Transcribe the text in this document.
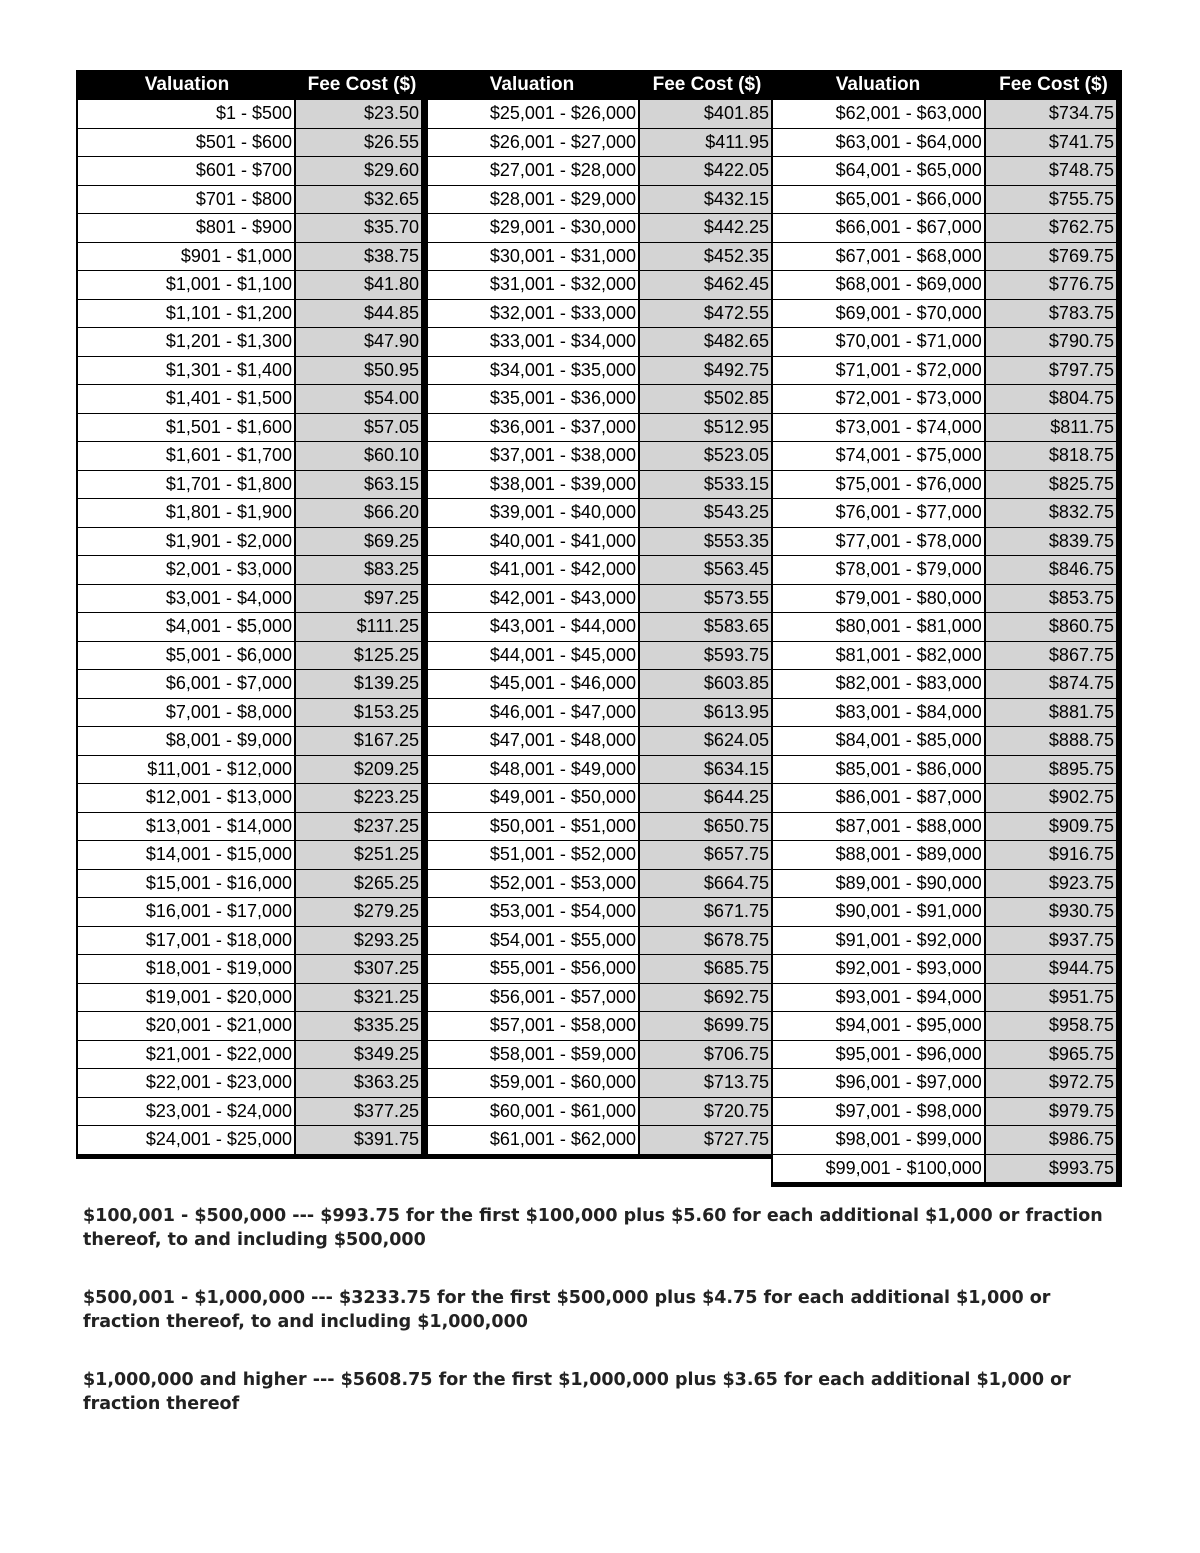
Valuation	Fee Cost ($)
$1 - $500	$23.50
$501 - $600	$26.55
$601 - $700	$29.60
$701 - $800	$32.65
$801 - $900	$35.70
$901 - $1,000	$38.75
$1,001 - $1,100	$41.80
$1,101 - $1,200	$44.85
$1,201 - $1,300	$47.90
$1,301 - $1,400	$50.95
$1,401 - $1,500	$54.00
$1,501 - $1,600	$57.05
$1,601 - $1,700	$60.10
$1,701 - $1,800	$63.15
$1,801 - $1,900	$66.20
$1,901 - $2,000	$69.25
$2,001 - $3,000	$83.25
$3,001 - $4,000	$97.25
$4,001 - $5,000	$111.25
$5,001 - $6,000	$125.25
$6,001 - $7,000	$139.25
$7,001 - $8,000	$153.25
$8,001 - $9,000	$167.25
$11,001 - $12,000	$209.25
$12,001 - $13,000	$223.25
$13,001 - $14,000	$237.25
$14,001 - $15,000	$251.25
$15,001 - $16,000	$265.25
$16,001 - $17,000	$279.25
$17,001 - $18,000	$293.25
$18,001 - $19,000	$307.25
$19,001 - $20,000	$321.25
$20,001 - $21,000	$335.25
$21,001 - $22,000	$349.25
$22,001 - $23,000	$363.25
$23,001 - $24,000	$377.25
$24,001 - $25,000	$391.75
Valuation	Fee Cost ($)
$25,001 - $26,000	$401.85
$26,001 - $27,000	$411.95
$27,001 - $28,000	$422.05
$28,001 - $29,000	$432.15
$29,001 - $30,000	$442.25
$30,001 - $31,000	$452.35
$31,001 - $32,000	$462.45
$32,001 - $33,000	$472.55
$33,001 - $34,000	$482.65
$34,001 - $35,000	$492.75
$35,001 - $36,000	$502.85
$36,001 - $37,000	$512.95
$37,001 - $38,000	$523.05
$38,001 - $39,000	$533.15
$39,001 - $40,000	$543.25
$40,001 - $41,000	$553.35
$41,001 - $42,000	$563.45
$42,001 - $43,000	$573.55
$43,001 - $44,000	$583.65
$44,001 - $45,000	$593.75
$45,001 - $46,000	$603.85
$46,001 - $47,000	$613.95
$47,001 - $48,000	$624.05
$48,001 - $49,000	$634.15
$49,001 - $50,000	$644.25
$50,001 - $51,000	$650.75
$51,001 - $52,000	$657.75
$52,001 - $53,000	$664.75
$53,001 - $54,000	$671.75
$54,001 - $55,000	$678.75
$55,001 - $56,000	$685.75
$56,001 - $57,000	$692.75
$57,001 - $58,000	$699.75
$58,001 - $59,000	$706.75
$59,001 - $60,000	$713.75
$60,001 - $61,000	$720.75
$61,001 - $62,000	$727.75
Valuation	Fee Cost ($)
$62,001 - $63,000	$734.75
$63,001 - $64,000	$741.75
$64,001 - $65,000	$748.75
$65,001 - $66,000	$755.75
$66,001 - $67,000	$762.75
$67,001 - $68,000	$769.75
$68,001 - $69,000	$776.75
$69,001 - $70,000	$783.75
$70,001 - $71,000	$790.75
$71,001 - $72,000	$797.75
$72,001 - $73,000	$804.75
$73,001 - $74,000	$811.75
$74,001 - $75,000	$818.75
$75,001 - $76,000	$825.75
$76,001 - $77,000	$832.75
$77,001 - $78,000	$839.75
$78,001 - $79,000	$846.75
$79,001 - $80,000	$853.75
$80,001 - $81,000	$860.75
$81,001 - $82,000	$867.75
$82,001 - $83,000	$874.75
$83,001 - $84,000	$881.75
$84,001 - $85,000	$888.75
$85,001 - $86,000	$895.75
$86,001 - $87,000	$902.75
$87,001 - $88,000	$909.75
$88,001 - $89,000	$916.75
$89,001 - $90,000	$923.75
$90,001 - $91,000	$930.75
$91,001 - $92,000	$937.75
$92,001 - $93,000	$944.75
$93,001 - $94,000	$951.75
$94,001 - $95,000	$958.75
$95,001 - $96,000	$965.75
$96,001 - $97,000	$972.75
$97,001 - $98,000	$979.75
$98,001 - $99,000	$986.75
$99,001 - $100,000	$993.75

$100,001 - $500,000 --- $993.75 for the first $100,000 plus $5.60 for each additional $1,000 or fraction thereof, to and including $500,000

$500,001 - $1,000,000 --- $3233.75 for the first $500,000 plus $4.75 for each additional $1,000 or fraction thereof, to and including $1,000,000

$1,000,000 and higher --- $5608.75 for the first $1,000,000 plus $3.65 for each additional $1,000 or fraction thereof
